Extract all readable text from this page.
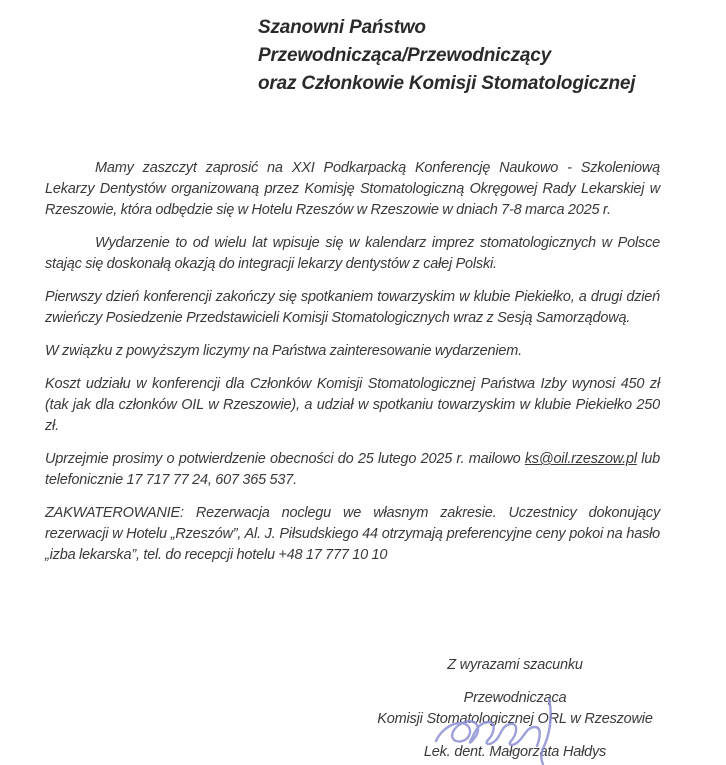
Szanowni Państwo
Przewodnicząca/Przewodniczący
oraz Członkowie Komisji Stomatologicznej

Mamy zaszczyt zaprosić na XXI Podkarpacką Konferencję Naukowo - Szkoleniową Lekarzy Dentystów organizowaną przez Komisję Stomatologiczną Okręgowej Rady Lekarskiej w Rzeszowie, która odbędzie się w Hotelu Rzeszów w Rzeszowie w dniach 7-8 marca 2025 r.

Wydarzenie to od wielu lat wpisuje się w kalendarz imprez stomatologicznych w Polsce stając się doskonałą okazją do integracji lekarzy dentystów z całej Polski.

Pierwszy dzień konferencji zakończy się spotkaniem towarzyskim w klubie Piekiełko, a drugi dzień zwieńczy Posiedzenie Przedstawicieli Komisji Stomatologicznych wraz z Sesją Samorządową.

W związku z powyższym liczymy na Państwa zainteresowanie wydarzeniem.

Koszt udziału w konferencji dla Członków Komisji Stomatologicznej Państwa Izby wynosi 450 zł (tak jak dla członków OIL w Rzeszowie), a udział w spotkaniu towarzyskim w klubie Piekiełko 250 zł.

Uprzejmie prosimy o potwierdzenie obecności do 25 lutego 2025 r. mailowo ks@oil.rzeszow.pl lub telefonicznie 17 717 77 24, 607 365 537.

ZAKWATEROWANIE: Rezerwacja noclegu we własnym zakresie. Uczestnicy dokonujący rezerwacji w Hotelu „Rzeszów”, Al. J. Piłsudskiego 44 otrzymają preferencyjne ceny pokoi na hasło „izba lekarska”, tel. do recepcji hotelu +48 17 777 10 10

Z wyrazami szacunku

Przewodnicząca

Komisji Stomatologicznej ORL w Rzeszowie

Lek. dent. Małgorzata Hałdys
